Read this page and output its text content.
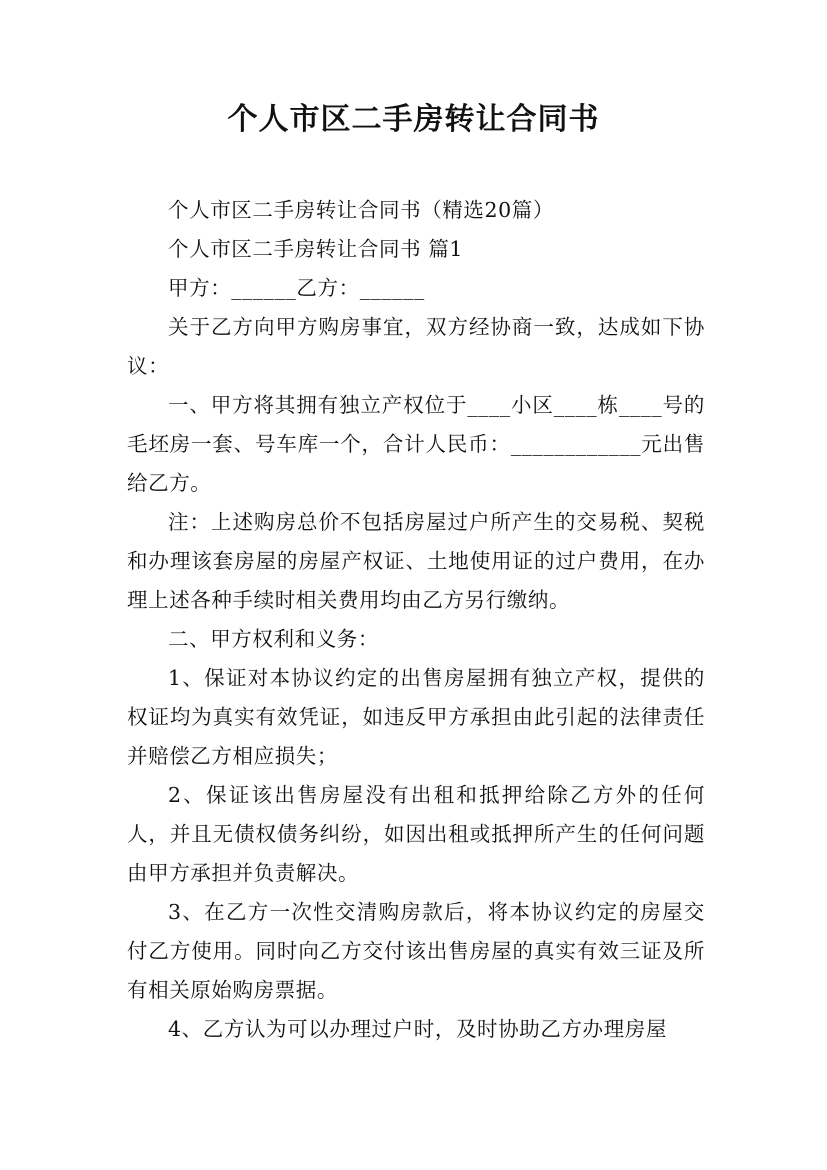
个人市区二手房转让合同书

个人市区二手房转让合同书（精选20篇）

个人市区二手房转让合同书 篇1

甲方：______乙方：______

关于乙方向甲方购房事宜，双方经协商一致，达成如下协议：

一、甲方将其拥有独立产权位于____小区____栋____号的毛坯房一套、号车库一个，合计人民币：____________元出售给乙方。

注：上述购房总价不包括房屋过户所产生的交易税、契税和办理该套房屋的房屋产权证、土地使用证的过户费用，在办理上述各种手续时相关费用均由乙方另行缴纳。

二、甲方权利和义务：

1、保证对本协议约定的出售房屋拥有独立产权，提供的权证均为真实有效凭证，如违反甲方承担由此引起的法律责任并赔偿乙方相应损失；

2、保证该出售房屋没有出租和抵押给除乙方外的任何人，并且无债权债务纠纷，如因出租或抵押所产生的任何问题由甲方承担并负责解决。

3、在乙方一次性交清购房款后，将本协议约定的房屋交付乙方使用。同时向乙方交付该出售房屋的真实有效三证及所有相关原始购房票据。

4、乙方认为可以办理过户时，及时协助乙方办理房屋
